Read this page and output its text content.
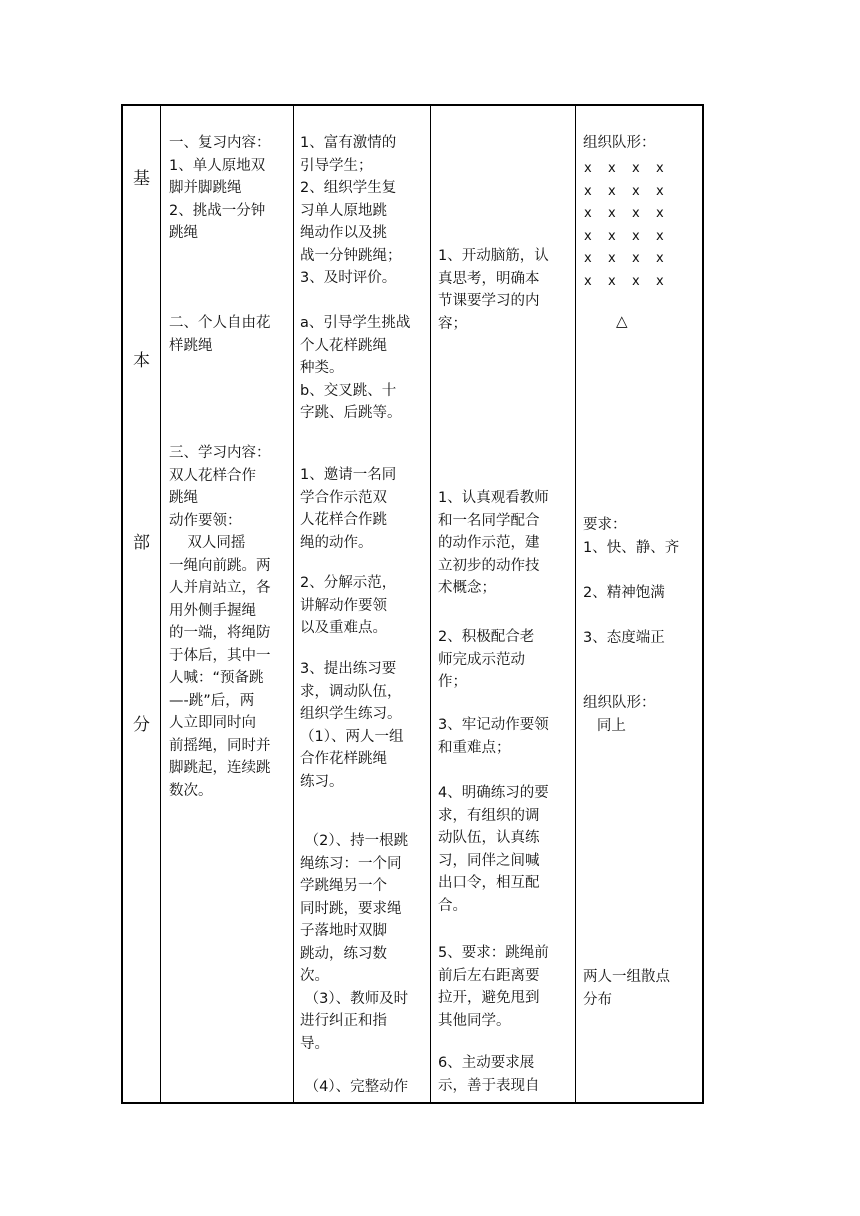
基
本
部
分

一、复习内容：
1、单人原地双
脚并脚跳绳
2、挑战一分钟
跳绳
二、个人自由花
样跳绳
三、学习内容：
双人花样合作
跳绳
动作要领：
双人同摇
一绳向前跳。两
人并肩站立，各
用外侧手握绳
的一端，将绳防
于体后，其中一
人喊：“预备跳
—-跳”后，两
人立即同时向
前摇绳，同时并
脚跳起，连续跳
数次。

1、富有激情的
引导学生；
2、组织学生复
习单人原地跳
绳动作以及挑
战一分钟跳绳；
3、及时评价。
a、引导学生挑战
个人花样跳绳
种类。
b、交叉跳、十
字跳、后跳等。
1、邀请一名同
学合作示范双
人花样合作跳
绳的动作。
2、分解示范，
讲解动作要领
以及重难点。
3、提出练习要
求，调动队伍，
组织学生练习。
（1）、两人一组
合作花样跳绳
练习。
（2）、持一根跳
绳练习：一个同
学跳绳另一个
同时跳，要求绳
子落地时双脚
跳动，练习数
次。
（3）、教师及时
进行纠正和指
导。
（4）、完整动作

1、开动脑筋，认
真思考，明确本
节课要学习的内
容；
1、认真观看教师
和一名同学配合
的动作示范，建
立初步的动作技
术概念；
2、积极配合老
师完成示范动
作；
3、牢记动作要领
和重难点；
4、明确练习的要
求，有组织的调
动队伍，认真练
习，同伴之间喊
出口令，相互配
合。
5、要求：跳绳前
前后左右距离要
拉开，避免甩到
其他同学。
6、主动要求展
示，善于表现自

组织队形：
x x x x
x x x x
x x x x
x x x x
x x x x
x x x x
△
要求：
1、快、静、齐
2、精神饱满
3、态度端正
组织队形：
同上
两人一组散点
分布
